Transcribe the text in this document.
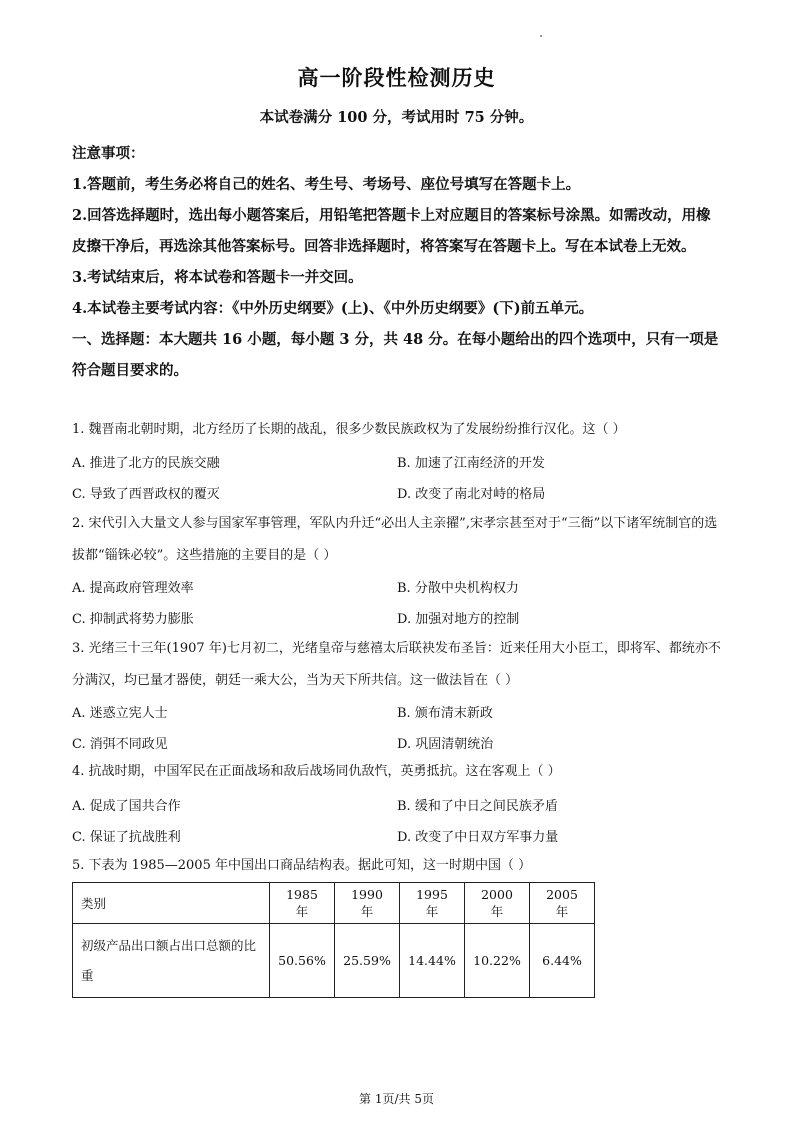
高一阶段性检测历史
本试卷满分 100 分，考试用时 75 分钟。

注意事项：

1.答题前，考生务必将自己的姓名、考生号、考场号、座位号填写在答题卡上。

2.回答选择题时，选出每小题答案后，用铅笔把答题卡上对应题目的答案标号涂黑。如需改动，用橡皮擦干净后，再选涂其他答案标号。回答非选择题时，将答案写在答题卡上。写在本试卷上无效。

3.考试结束后，将本试卷和答题卡一并交回。

4.本试卷主要考试内容：《中外历史纲要》(上)、《中外历史纲要》(下)前五单元。

一、选择题：本大题共 16 小题，每小题 3 分，共 48 分。在每小题给出的四个选项中，只有一项是符合题目要求的。

1. 魏晋南北朝时期，北方经历了长期的战乱，很多少数民族政权为了发展纷纷推行汉化。这（ ）

A. 推进了北方的民族交融	B. 加速了江南经济的开发
C. 导致了西晋政权的覆灭	D. 改变了南北对峙的格局

2. 宋代引入大量文人参与国家军事管理，军队内升迁“必出人主亲擢”,宋孝宗甚至对于“三衙”以下诸军统制官的选拔都“锱铢必较”。这些措施的主要目的是（ ）

A. 提高政府管理效率	B. 分散中央机构权力
C. 抑制武将势力膨胀	D. 加强对地方的控制

3. 光绪三十三年(1907 年)七月初二，光绪皇帝与慈禧太后联袂发布圣旨：近来任用大小臣工，即将军、都统亦不分满汉，均已量才器使，朝廷一乘大公，当为天下所共信。这一做法旨在（ ）

A. 迷惑立宪人士	B. 颁布清末新政
C. 消弭不同政见	D. 巩固清朝统治

4. 抗战时期，中国军民在正面战场和敌后战场同仇敌忾，英勇抵抗。这在客观上（ ）

A. 促成了国共合作	B. 缓和了中日之间民族矛盾
C. 保证了抗战胜利	D. 改变了中日双方军事力量

5. 下表为 1985—2005 年中国出口商品结构表。据此可知，这一时期中国（ ）

类别	1985 年	1990 年	1995 年	2000 年	2005 年
初级产品出口额占出口总额的比重	50.56%	25.59%	14.44%	10.22%	6.44%
第 1页/共 5页
